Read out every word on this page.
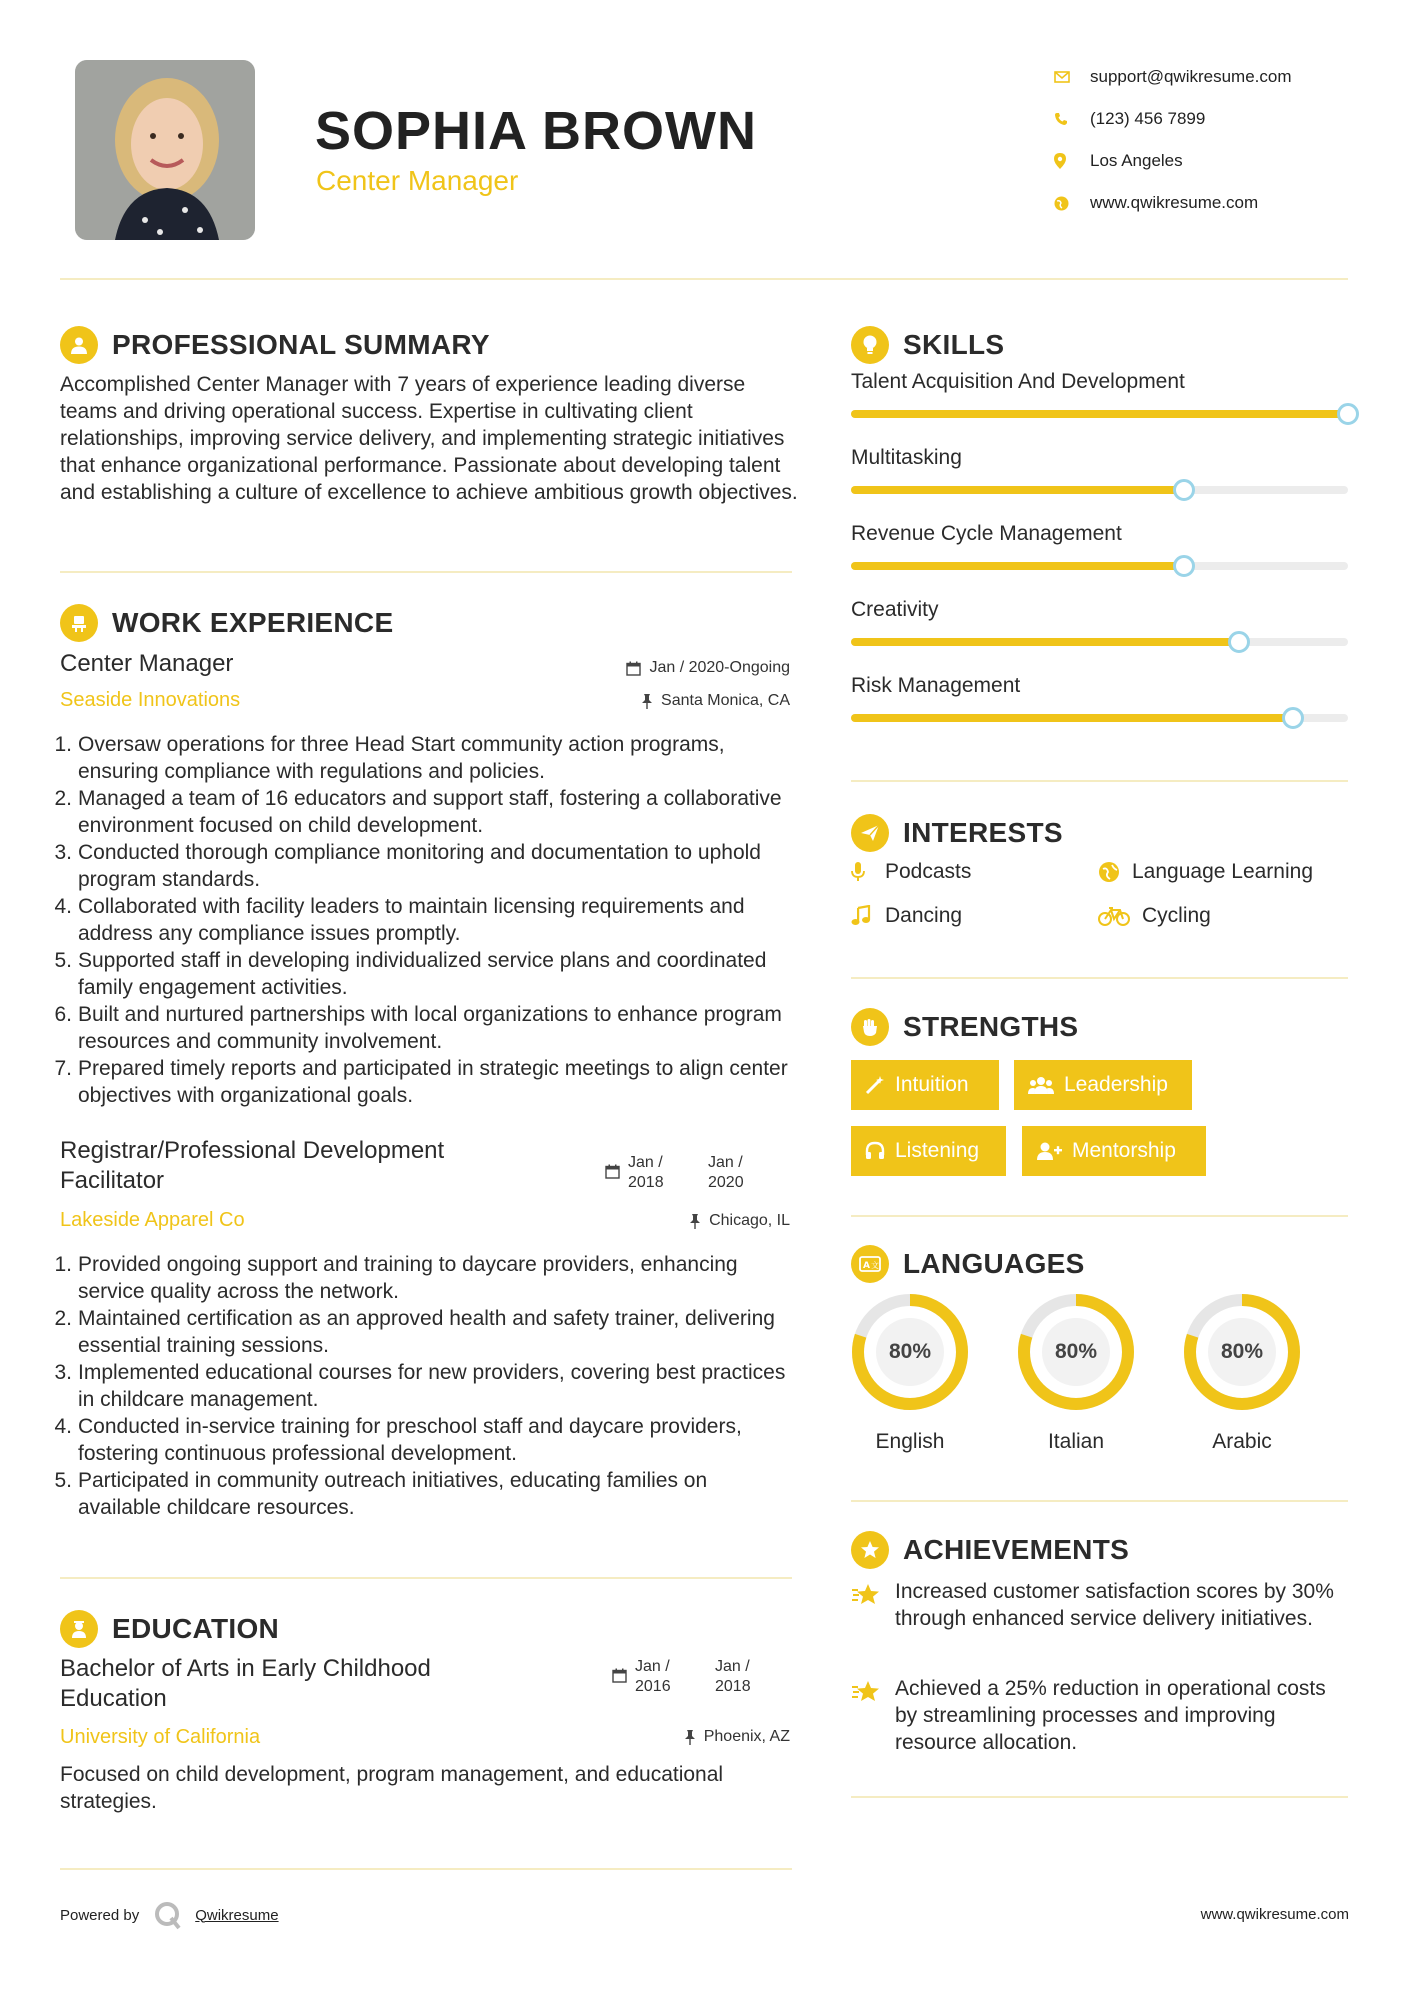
SOPHIA BROWN
Center Manager
support@qwikresume.com
(123) 456 7899
Los Angeles
www.qwikresume.com
PROFESSIONAL SUMMARY
Accomplished Center Manager with 7 years of experience leading diverse teams and driving operational success. Expertise in cultivating client relationships, improving service delivery, and implementing strategic initiatives that enhance organizational performance. Passionate about developing talent and establishing a culture of excellence to achieve ambitious growth objectives.
WORK EXPERIENCE
Center Manager	Jan / 2020-Ongoing
Seaside Innovations	Santa Monica, CA
1. Oversaw operations for three Head Start community action programs, ensuring compliance with regulations and policies.
2. Managed a team of 16 educators and support staff, fostering a collaborative environment focused on child development.
3. Conducted thorough compliance monitoring and documentation to uphold program standards.
4. Collaborated with facility leaders to maintain licensing requirements and address any compliance issues promptly.
5. Supported staff in developing individualized service plans and coordinated family engagement activities.
6. Built and nurtured partnerships with local organizations to enhance program resources and community involvement.
7. Prepared timely reports and participated in strategic meetings to align center objectives with organizational goals.
Registrar/Professional Development Facilitator
Jan / 2018
Jan / 2020
Lakeside Apparel Co	Chicago, IL
1. Provided ongoing support and training to daycare providers, enhancing service quality across the network.
2. Maintained certification as an approved health and safety trainer, delivering essential training sessions.
3. Implemented educational courses for new providers, covering best practices in childcare management.
4. Conducted in-service training for preschool staff and daycare providers, fostering continuous professional development.
5. Participated in community outreach initiatives, educating families on available childcare resources.
EDUCATION
Bachelor of Arts in Early Childhood Education
Jan / 2016
Jan / 2018
University of California	Phoenix, AZ
Focused on child development, program management, and educational strategies.
SKILLS
Talent Acquisition And Development
Multitasking
Revenue Cycle Management
Creativity
Risk Management
INTERESTS
Podcasts	Language Learning
Dancing	Cycling
STRENGTHS
Intuition	Leadership
Listening	Mentorship
A 文 LANGUAGES
80%
English
80%
Italian
80%
Arabic
ACHIEVEMENTS
Increased customer satisfaction scores by 30% through enhanced service delivery initiatives.
Achieved a 25% reduction in operational costs by streamlining processes and improving resource allocation.
Powered by	Qwikresume	www.qwikresume.com
